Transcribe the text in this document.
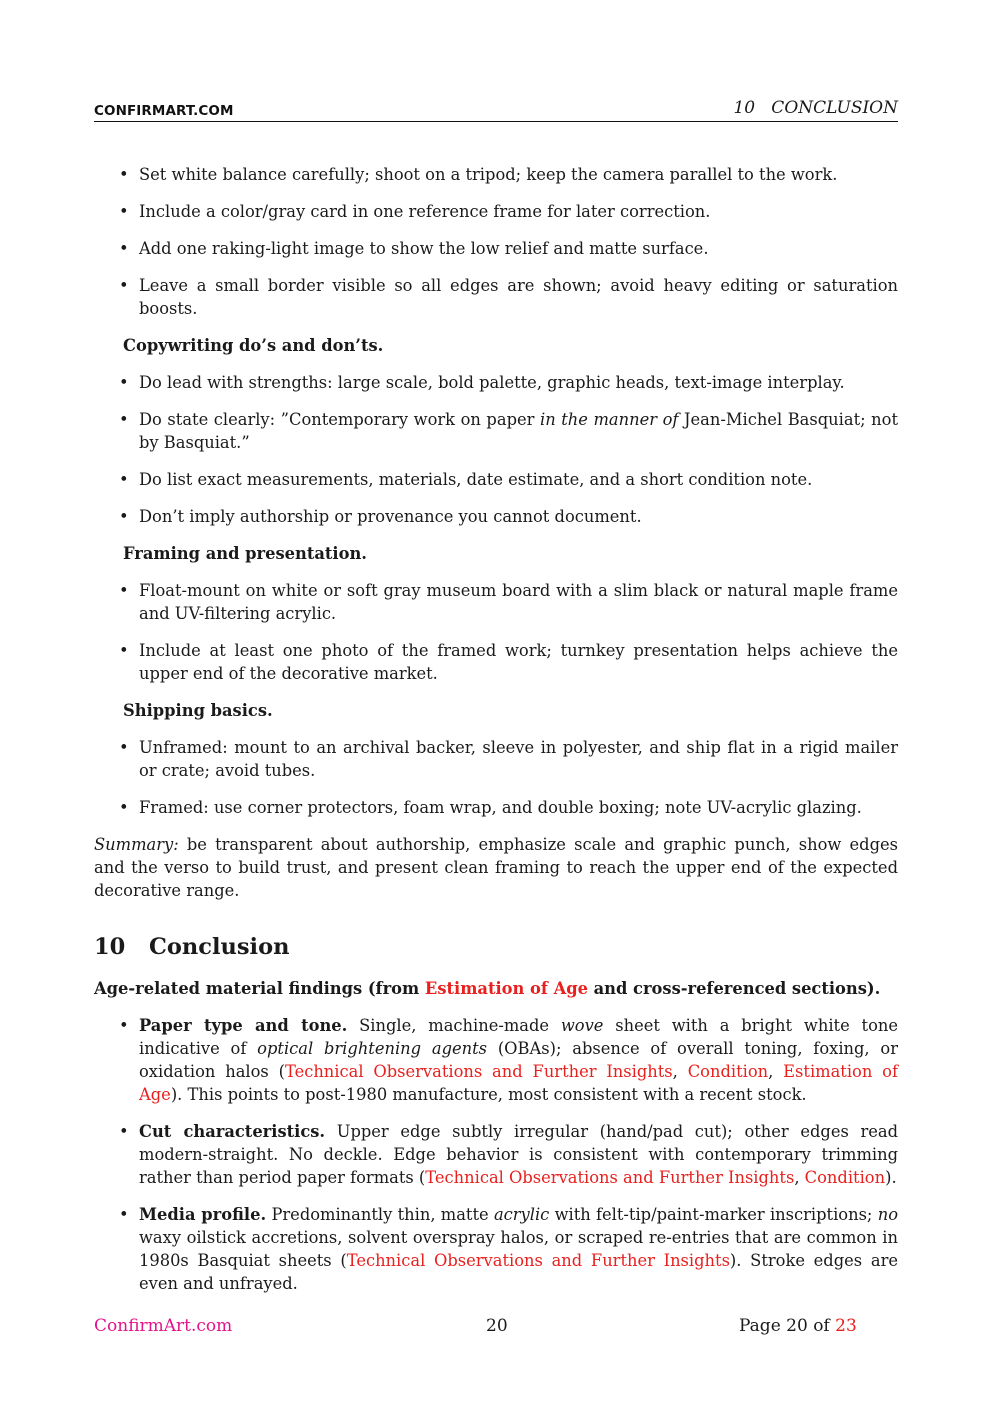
CONFIRMART.COM	10   CONCLUSION
• Set white balance carefully; shoot on a tripod; keep the camera parallel to the work.
• Include a color/gray card in one reference frame for later correction.
• Add one raking-light image to show the low relief and matte surface.
• Leave a small border visible so all edges are shown; avoid heavy editing or saturation boosts.
Copywriting do’s and don’ts.
• Do lead with strengths: large scale, bold palette, graphic heads, text-image interplay.
• Do state clearly: ”Contemporary work on paper in the manner of Jean-Michel Basquiat; not by Basquiat.”
• Do list exact measurements, materials, date estimate, and a short condition note.
• Don’t imply authorship or provenance you cannot document.
Framing and presentation.
• Float-mount on white or soft gray museum board with a slim black or natural maple frame and UV-filtering acrylic.
• Include at least one photo of the framed work; turnkey presentation helps achieve the upper end of the decorative market.
Shipping basics.
• Unframed: mount to an archival backer, sleeve in polyester, and ship flat in a rigid mailer or crate; avoid tubes.
• Framed: use corner protectors, foam wrap, and double boxing; note UV-acrylic glazing.

Summary: be transparent about authorship, emphasize scale and graphic punch, show edges and the verso to build trust, and present clean framing to reach the upper end of the expected decorative range.

10 Conclusion
Age-related material findings (from Estimation of Age and cross-referenced sections).
• Paper type and tone. Single, machine-made wove sheet with a bright white tone indicative of optical brightening agents (OBAs); absence of overall toning, foxing, or oxidation halos (Technical Observations and Further Insights, Condition, Estimation of Age). This points to post-1980 manufacture, most consistent with a recent stock.
• Cut characteristics. Upper edge subtly irregular (hand/pad cut); other edges read modern-straight. No deckle. Edge behavior is consistent with contemporary trimming rather than period paper formats (Technical Observations and Further Insights, Condition).
• Media profile. Predominantly thin, matte acrylic with felt-tip/paint-marker inscriptions; no waxy oilstick accretions, solvent overspray halos, or scraped re-entries that are common in 1980s Basquiat sheets (Technical Observations and Further Insights). Stroke edges are even and unfrayed.
ConfirmArt.com	20	Page 20 of 23
